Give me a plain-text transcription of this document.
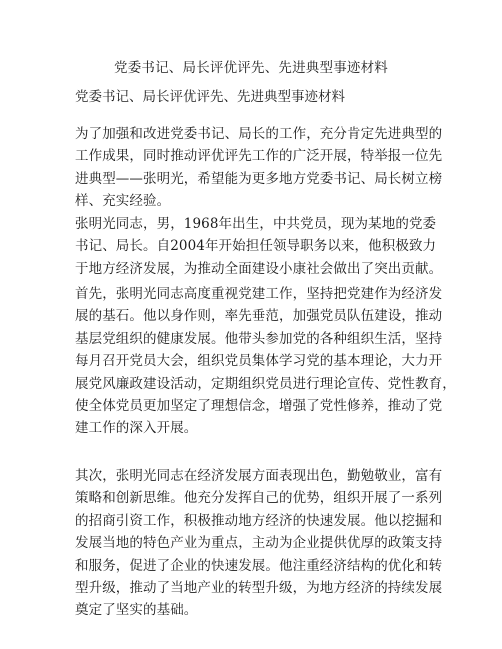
党委书记、局长评优评先、先进典型事迹材料
党委书记、局长评优评先、先进典型事迹材料
为了加强和改进党委书记、局长的工作，充分肯定先进典型的
工作成果，同时推动评优评先工作的广泛开展，特举报一位先
进典型——张明光，希望能为更多地方党委书记、局长树立榜
样、充实经验。
张明光同志，男，1968年出生，中共党员，现为某地的党委
书记、局长。自2004年开始担任领导职务以来，他积极致力
于地方经济发展，为推动全面建设小康社会做出了突出贡献。
首先，张明光同志高度重视党建工作，坚持把党建作为经济发
展的基石。他以身作则，率先垂范，加强党员队伍建设，推动
基层党组织的健康发展。他带头参加党的各种组织生活，坚持
每月召开党员大会，组织党员集体学习党的基本理论，大力开
展党风廉政建设活动，定期组织党员进行理论宣传、党性教育，
使全体党员更加坚定了理想信念，增强了党性修养，推动了党
建工作的深入开展。
其次，张明光同志在经济发展方面表现出色，勤勉敬业，富有
策略和创新思维。他充分发挥自己的优势，组织开展了一系列
的招商引资工作，积极推动地方经济的快速发展。他以挖掘和
发展当地的特色产业为重点，主动为企业提供优厚的政策支持
和服务，促进了企业的快速发展。他注重经济结构的优化和转
型升级，推动了当地产业的转型升级，为地方经济的持续发展
奠定了坚实的基础。
